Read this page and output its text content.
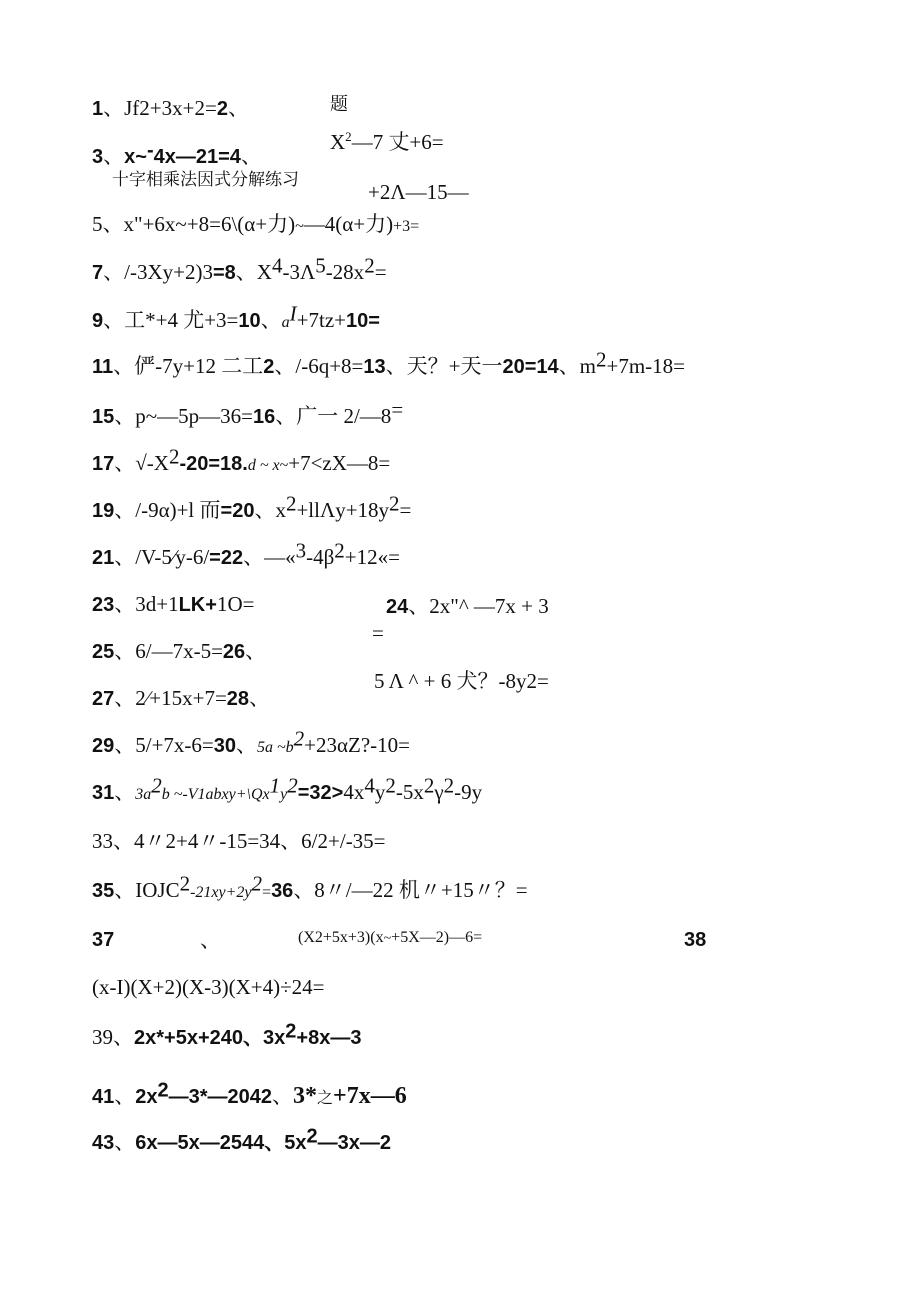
题
1、Jf2+3x+2=2、
$X^2—7$ 丈+6=
3、x~-4x—21=4、
十字相乘法因式分解练习	+2Λ—15—
5、x"+6x~+8=6\(α+力)~—4(α+力)+3=
7、/-3Xy+2)3=8、$X^4-3\Lambda^5-28x^2=$
9、工*+4 尤+3=10、$a^I+7tz+10=$
11、俨-7y+12 二工2、/-6q+8=13、天？+天一20=14、$m^2+7m-18=$
15、p~—5p—36=16、广一 2/—8=
17、$√-X^2-20=18.d$ ~ x~+7<zX—8=
19、/-9α)+l 而=20、$x^2+ll\Lambda y+18y^2=$
21、/V-5∕y-6/=22、$—«^3-4\beta^2+12«=$
23、3d+1LK+1O=	24、2x"^ —7x + 3
=
25、6/—7x-5=26、
5 Λ ^ + 6 犬？-8y2=
27、2∕+15x+7=28、
29、5/+7x-6=30、5a $\sim b^2+23\alpha Z?-10=$
31、$3a^2b$ $\sim-V1abxy+\backslash Qx^1y^2=32>4x^4y^2-5x^2\gamma^2-9y$
33、4〃2+4〃-15=34、6/2+/-35=
35、$IOJC^2-21xy+2y^2=36$、8〃/—22 机〃+15〃？=
37	、	(X2+5x+3)(x~+5X—2)—6=	38
(x-I)(X+2)(X-3)(X+4)÷24=
39、2x*+5x+240、$3x^2+8x—3$
41、$2x^2—3*—2042$、3*之+7x—6
43、6x—5x—2544、$5x^2—3x—2$
